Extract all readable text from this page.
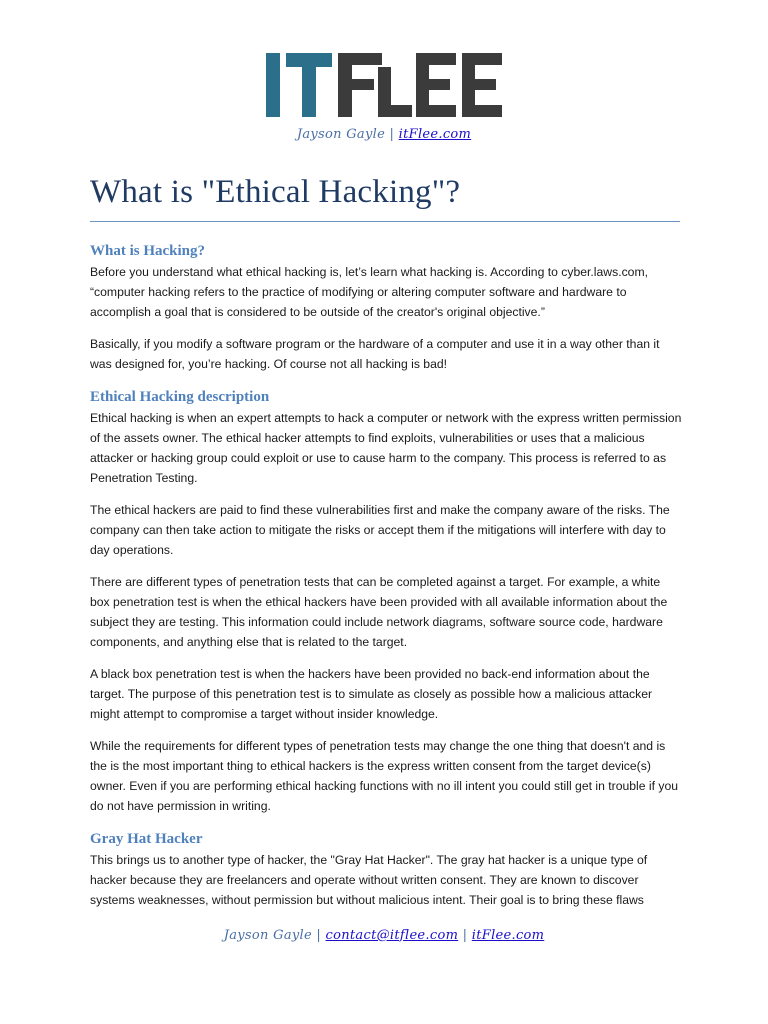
Jayson Gayle | itFlee.com
What is "Ethical Hacking"?
What is Hacking?

Before you understand what ethical hacking is, let’s learn what hacking is. According to cyber.laws.com, “computer hacking refers to the practice of modifying or altering computer software and hardware to accomplish a goal that is considered to be outside of the creator's original objective.”

Basically, if you modify a software program or the hardware of a computer and use it in a way other than it was designed for, you’re hacking. Of course not all hacking is bad!

Ethical Hacking description

Ethical hacking is when an expert attempts to hack a computer or network with the express written permission of the assets owner. The ethical hacker attempts to find exploits, vulnerabilities or uses that a malicious attacker or hacking group could exploit or use to cause harm to the company. This process is referred to as Penetration Testing.

The ethical hackers are paid to find these vulnerabilities first and make the company aware of the risks. The company can then take action to mitigate the risks or accept them if the mitigations will interfere with day to day operations.

There are different types of penetration tests that can be completed against a target. For example, a white box penetration test is when the ethical hackers have been provided with all available information about the subject they are testing. This information could include network diagrams, software source code, hardware components, and anything else that is related to the target.

A black box penetration test is when the hackers have been provided no back-end information about the target. The purpose of this penetration test is to simulate as closely as possible how a malicious attacker might attempt to compromise a target without insider knowledge.

While the requirements for different types of penetration tests may change the one thing that doesn't and is the is the most important thing to ethical hackers is the express written consent from the target device(s) owner. Even if you are performing ethical hacking functions with no ill intent you could still get in trouble if you do not have permission in writing.

Gray Hat Hacker

This brings us to another type of hacker, the "Gray Hat Hacker". The gray hat hacker is a unique type of hacker because they are freelancers and operate without written consent. They are known to discover systems weaknesses, without permission but without malicious intent. Their goal is to bring these flaws

Jayson Gayle | contact@itflee.com | itFlee.com
